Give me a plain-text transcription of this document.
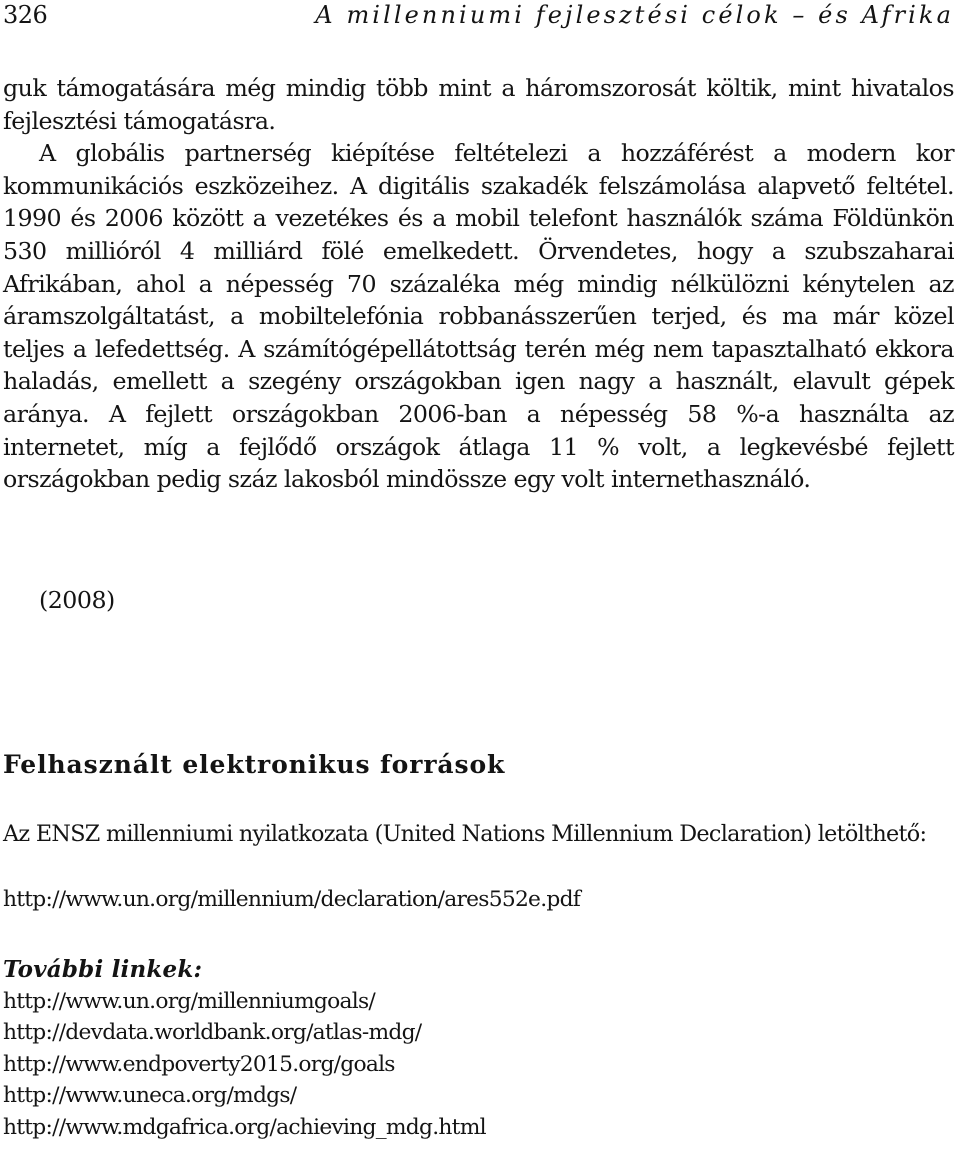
326	A millenniumi fejlesztési célok – és Afrika

guk támogatására még mindig több mint a háromszorosát költik, mint hivatalos fejlesztési támogatásra.

A globális partnerség kiépítése feltételezi a hozzáférést a modern kor kommunikációs eszközeihez. A digitális szakadék felszámolása alapvető feltétel. 1990 és 2006 között a vezetékes és a mobil telefont használók száma Földünkön 530 millióról 4 milliárd fölé emelkedett. Örvendetes, hogy a szubszaharai Afrikában, ahol a népesség 70 százaléka még mindig nélkülözni kénytelen az áramszolgáltatást, a mobiltelefónia robbanásszerűen terjed, és ma már közel teljes a lefedettség. A számítógépellátottság terén még nem tapasztalható ekkora haladás, emellett a szegény országokban igen nagy a használt, elavult gépek aránya. A fejlett országokban 2006-ban a népesség 58 %-a használta az internetet, míg a fejlődő országok átlaga 11 % volt, a legkevésbé fejlett országokban pedig száz lakosból mindössze egy volt internethasználó.

(2008)
Felhasznált elektronikus források

Az ENSZ millenniumi nyilatkozata (United Nations Millennium Declaration) letölthető:

http://www.un.org/millennium/declaration/ares552e.pdf
További linkek:
http://www.un.org/millenniumgoals/
http://devdata.worldbank.org/atlas-mdg/
http://www.endpoverty2015.org/goals
http://www.uneca.org/mdgs/
http://www.mdgafrica.org/achieving_mdg.html
